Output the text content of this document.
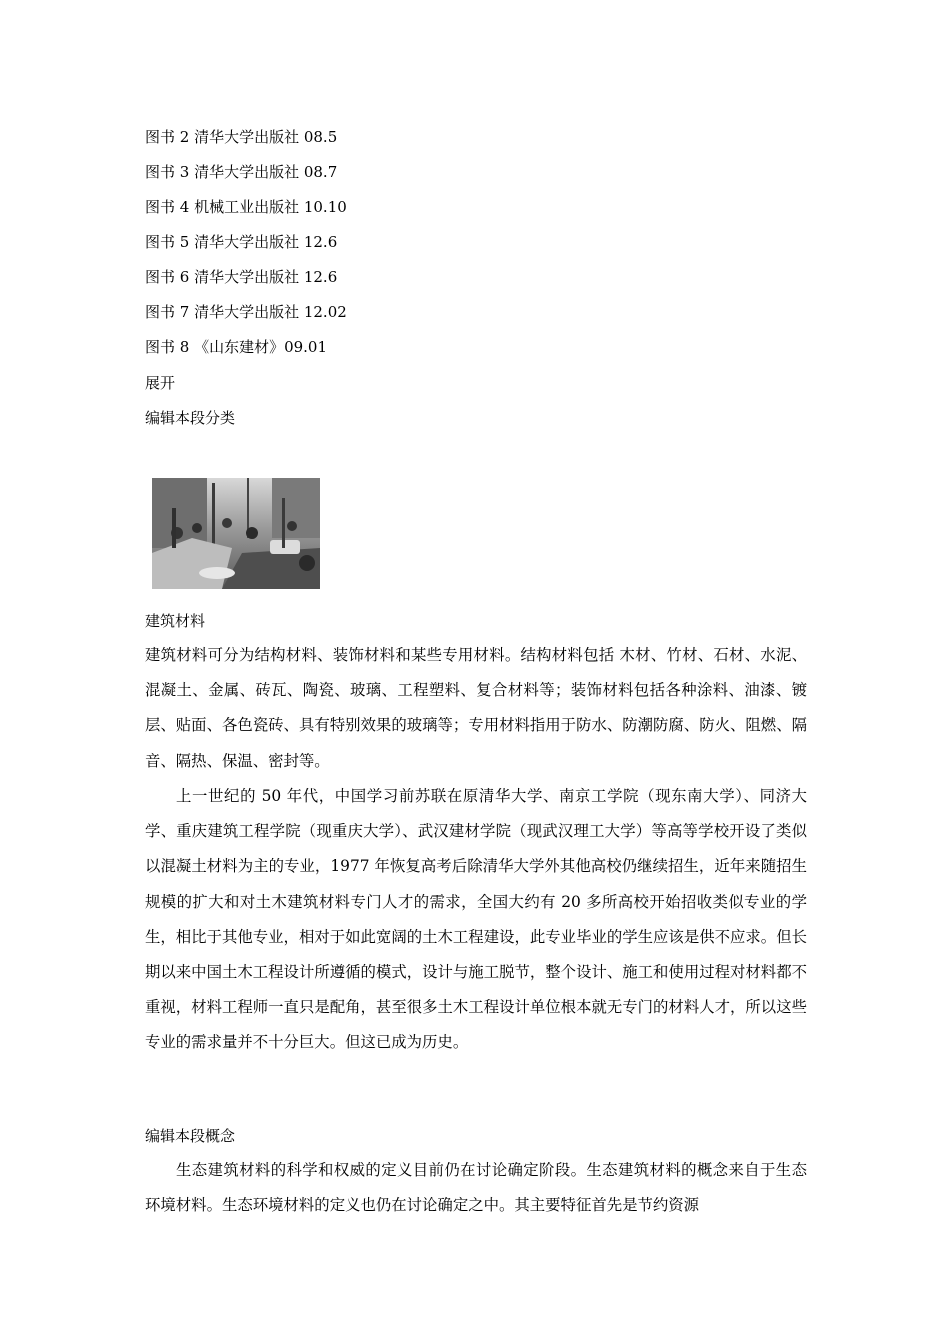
图书 2 清华大学出版社 08.5
图书 3 清华大学出版社 08.7
图书 4 机械工业出版社 10.10
图书 5 清华大学出版社 12.6
图书 6 清华大学出版社 12.6
图书 7 清华大学出版社 12.02
图书 8 《山东建材》09.01
展开
编辑本段分类
建筑材料

建筑材料可分为结构材料、装饰材料和某些专用材料。结构材料包括 木材、竹材、石材、水泥、混凝土、金属、砖瓦、陶瓷、玻璃、工程塑料、复合材料等；装饰材料包括各种涂料、油漆、镀层、贴面、各色瓷砖、具有特别效果的玻璃等；专用材料指用于防水、防潮防腐、防火、阻燃、隔音、隔热、保温、密封等。

上一世纪的 50 年代，中国学习前苏联在原清华大学、南京工学院（现东南大学）、同济大学、重庆建筑工程学院（现重庆大学）、武汉建材学院（现武汉理工大学）等高等学校开设了类似以混凝土材料为主的专业，1977 年恢复高考后除清华大学外其他高校仍继续招生，近年来随招生规模的扩大和对土木建筑材料专门人才的需求，全国大约有 20 多所高校开始招收类似专业的学生，相比于其他专业，相对于如此宽阔的土木工程建设，此专业毕业的学生应该是供不应求。但长期以来中国土木工程设计所遵循的模式，设计与施工脱节，整个设计、施工和使用过程对材料都不重视，材料工程师一直只是配角，甚至很多土木工程设计单位根本就无专门的材料人才，所以这些专业的需求量并不十分巨大。但这已成为历史。

编辑本段概念

生态建筑材料的科学和权威的定义目前仍在讨论确定阶段。生态建筑材料的概念来自于生态环境材料。生态环境材料的定义也仍在讨论确定之中。其主要特征首先是节约资源
